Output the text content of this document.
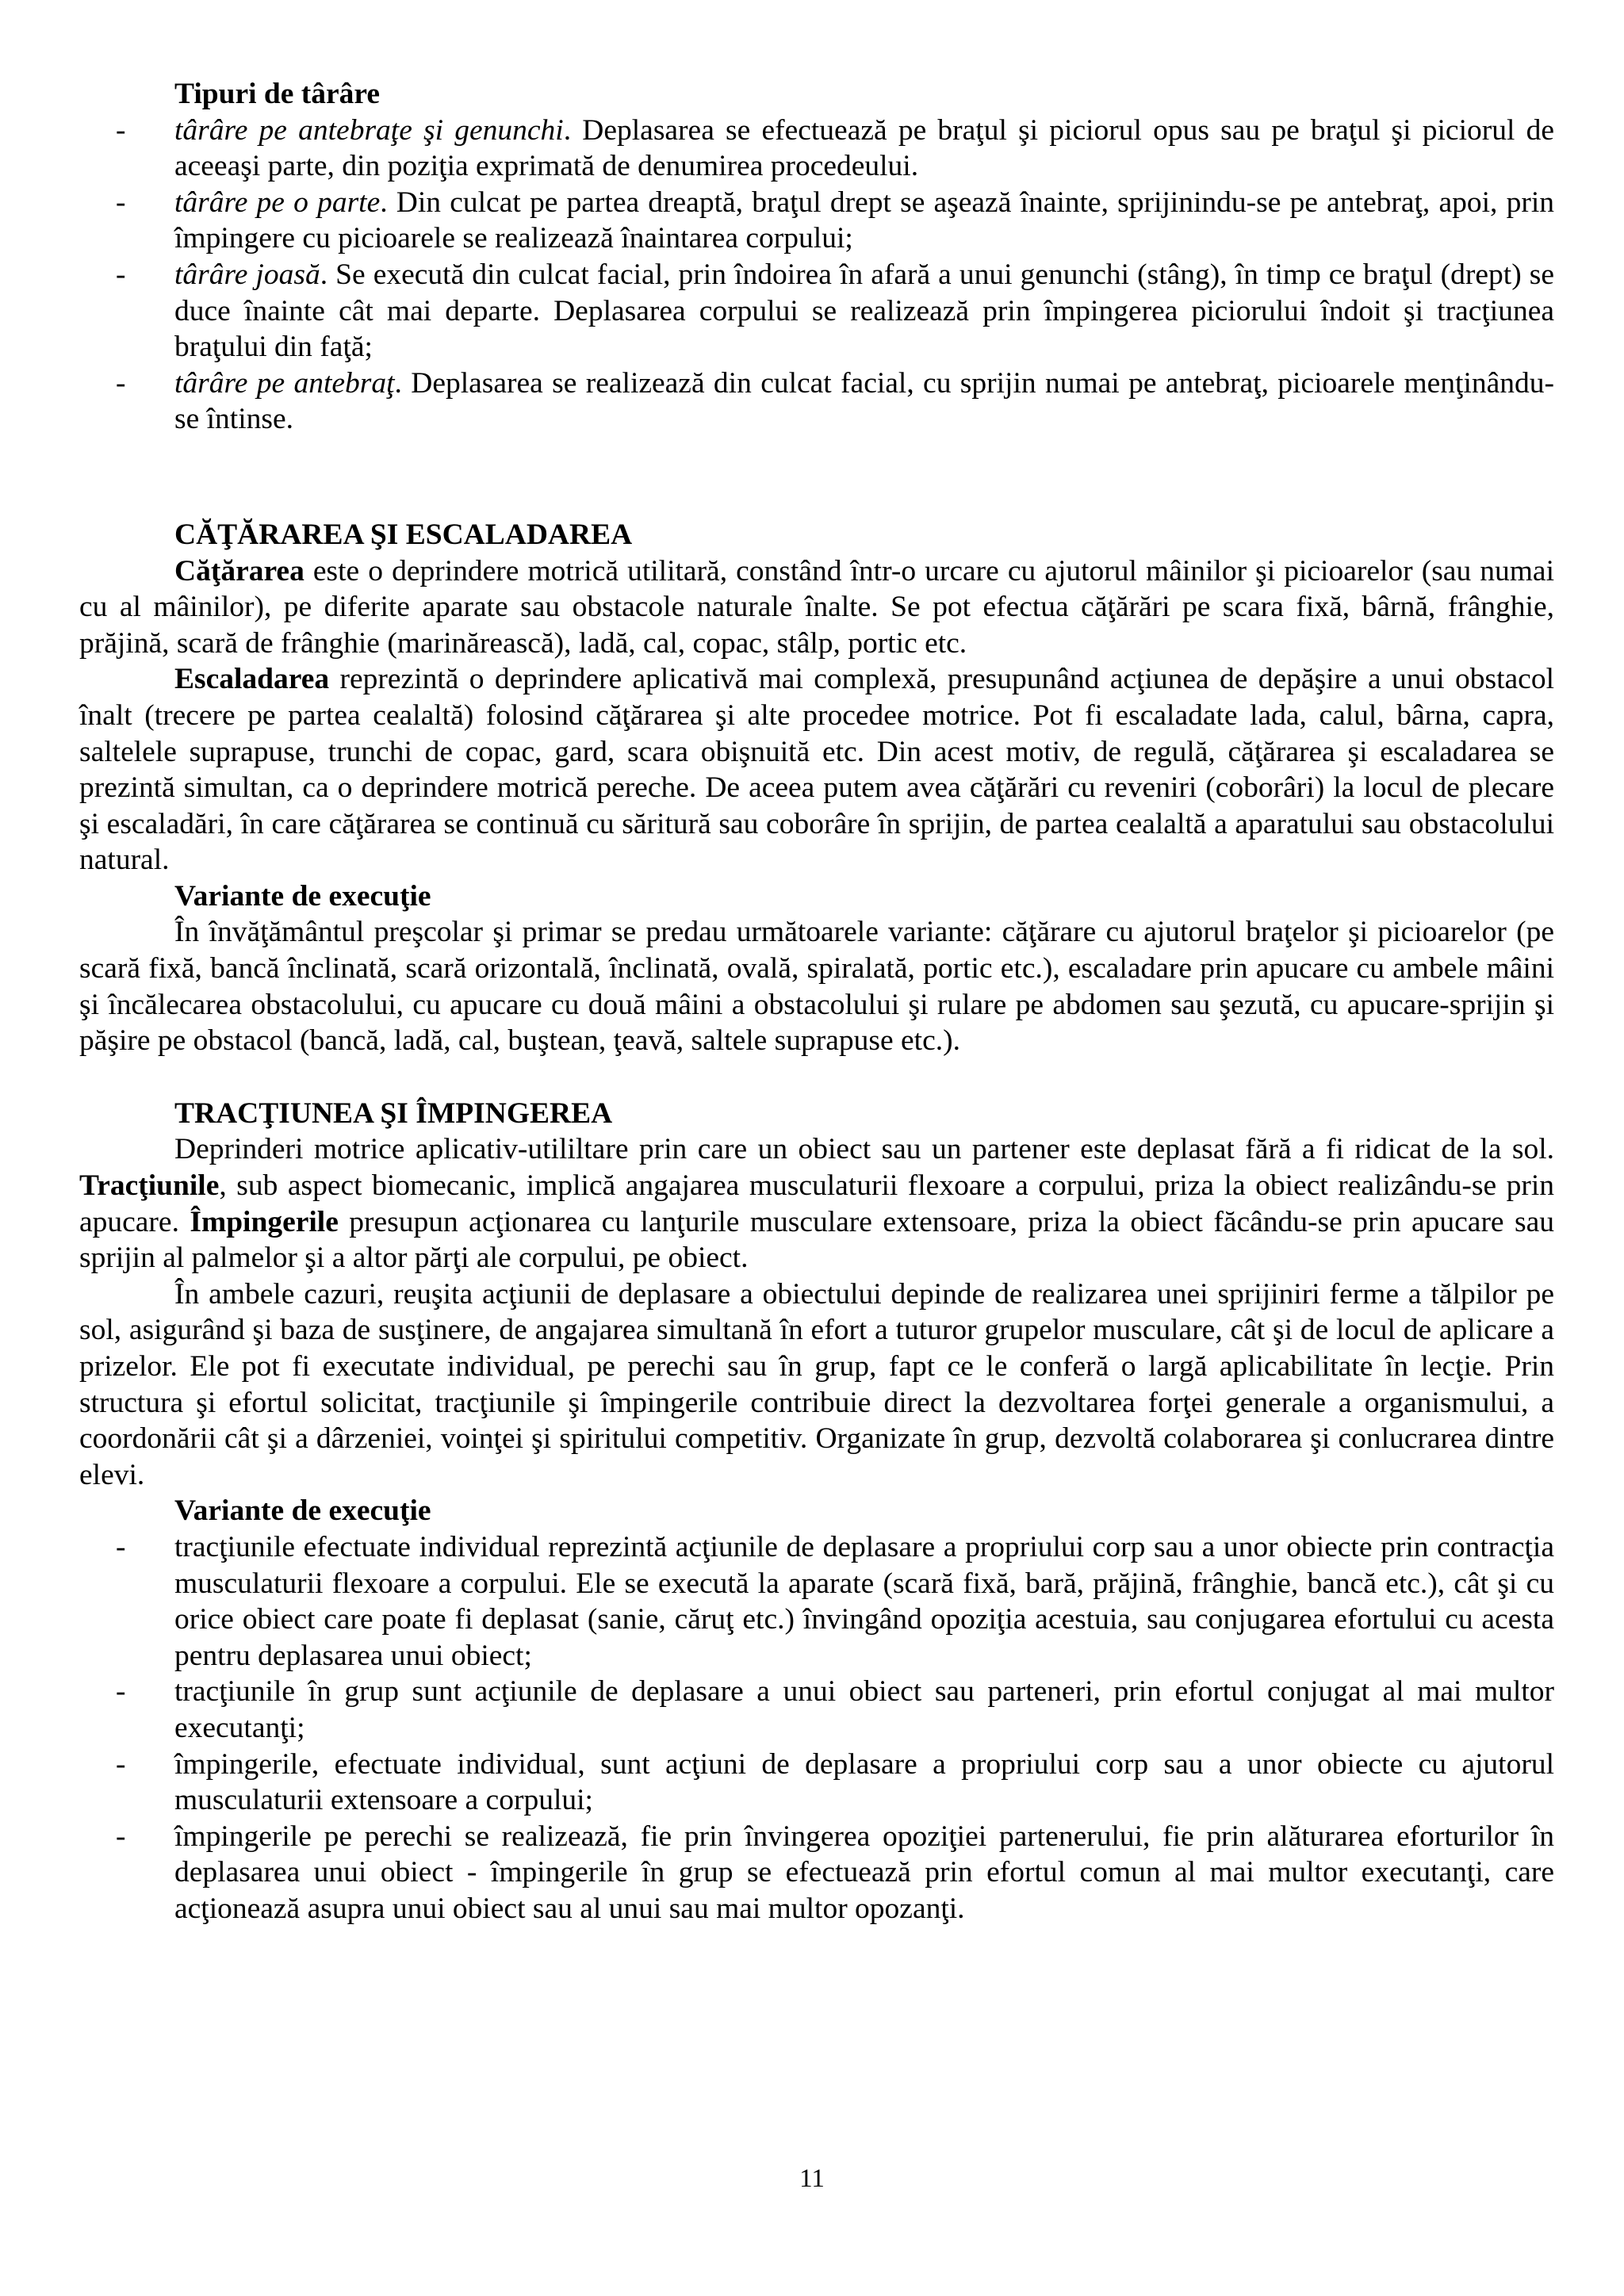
Tipuri de târâre

- târâre pe antebraţe şi genunchi. Deplasarea se efectuează pe braţul şi piciorul opus sau pe braţul şi piciorul de aceeaşi parte, din poziţia exprimată de denumirea procedeului.
- târâre pe o parte. Din culcat pe partea dreaptă, braţul drept se aşează înainte, sprijinindu-se pe antebraţ, apoi, prin împingere cu picioarele se realizează înaintarea corpului;
- târâre joasă. Se execută din culcat facial, prin îndoirea în afară a unui genunchi (stâng), în timp ce braţul (drept) se duce înainte cât mai departe. Deplasarea corpului se realizează prin împingerea piciorului îndoit şi tracţiunea braţului din faţă;
- târâre pe antebraţ. Deplasarea se realizează din culcat facial, cu sprijin numai pe antebraţ, picioarele menţinându-se întinse.

CĂŢĂRAREA ŞI ESCALADAREA

Căţărarea este o deprindere motrică utilitară, constând într-o urcare cu ajutorul mâinilor şi picioarelor (sau numai cu al mâinilor), pe diferite aparate sau obstacole naturale înalte. Se pot efectua căţărări pe scara fixă, bârnă, frânghie, prăjină, scară de frânghie (marinărească), ladă, cal, copac, stâlp, portic etc.

Escaladarea reprezintă o deprindere aplicativă mai complexă, presupunând acţiunea de depăşire a unui obstacol înalt (trecere pe partea cealaltă) folosind căţărarea şi alte procedee motrice. Pot fi escaladate lada, calul, bârna, capra, saltelele suprapuse, trunchi de copac, gard, scara obişnuită etc. Din acest motiv, de regulă, căţărarea şi escaladarea se prezintă simultan, ca o deprindere motrică pereche. De aceea putem avea căţărări cu reveniri (coborâri) la locul de plecare şi escaladări, în care căţărarea se continuă cu săritură sau coborâre în sprijin, de partea cealaltă a aparatului sau obstacolului natural.

Variante de execuţie

În învăţământul preşcolar şi primar se predau următoarele variante: căţărare cu ajutorul braţelor şi picioarelor (pe scară fixă, bancă înclinată, scară orizontală, înclinată, ovală, spiralată, portic etc.), escaladare prin apucare cu ambele mâini şi încălecarea obstacolului, cu apucare cu două mâini a obstacolului şi rulare pe abdomen sau şezută, cu apucare-sprijin şi păşire pe obstacol (bancă, ladă, cal, buştean, ţeavă, saltele suprapuse etc.).

TRACŢIUNEA ŞI ÎMPINGEREA

Deprinderi motrice aplicativ-utililtare prin care un obiect sau un partener este deplasat fără a fi ridicat de la sol. Tracţiunile, sub aspect biomecanic, implică angajarea musculaturii flexoare a corpului, priza la obiect realizându-se prin apucare. Împingerile presupun acţionarea cu lanţurile musculare extensoare, priza la obiect făcându-se prin apucare sau sprijin al palmelor şi a altor părţi ale corpului, pe obiect.

În ambele cazuri, reuşita acţiunii de deplasare a obiectului depinde de realizarea unei sprijiniri ferme a tălpilor pe sol, asigurând şi baza de susţinere, de angajarea simultană în efort a tuturor grupelor musculare, cât şi de locul de aplicare a prizelor. Ele pot fi executate individual, pe perechi sau în grup, fapt ce le conferă o largă aplicabilitate în lecţie. Prin structura şi efortul solicitat, tracţiunile şi împingerile contribuie direct la dezvoltarea forţei generale a organismului, a coordonării cât şi a dârzeniei, voinţei şi spiritului competitiv. Organizate în grup, dezvoltă colaborarea şi conlucrarea dintre elevi.

Variante de execuţie

- tracţiunile efectuate individual reprezintă acţiunile de deplasare a propriului corp sau a unor obiecte prin contracţia musculaturii flexoare a corpului. Ele se execută la aparate (scară fixă, bară, prăjină, frânghie, bancă etc.), cât şi cu orice obiect care poate fi deplasat (sanie, căruţ etc.) învingând opoziţia acestuia, sau conjugarea efortului cu acesta pentru deplasarea unui obiect;
- tracţiunile în grup sunt acţiunile de deplasare a unui obiect sau parteneri, prin efortul conjugat al mai multor executanţi;
- împingerile, efectuate individual, sunt acţiuni de deplasare a propriului corp sau a unor obiecte cu ajutorul musculaturii extensoare a corpului;
- împingerile pe perechi se realizează, fie prin învingerea opoziţiei partenerului, fie prin alăturarea eforturilor în deplasarea unui obiect - împingerile în grup se efectuează prin efortul comun al mai multor executanţi, care acţionează asupra unui obiect sau al unui sau mai multor opozanţi.
11
